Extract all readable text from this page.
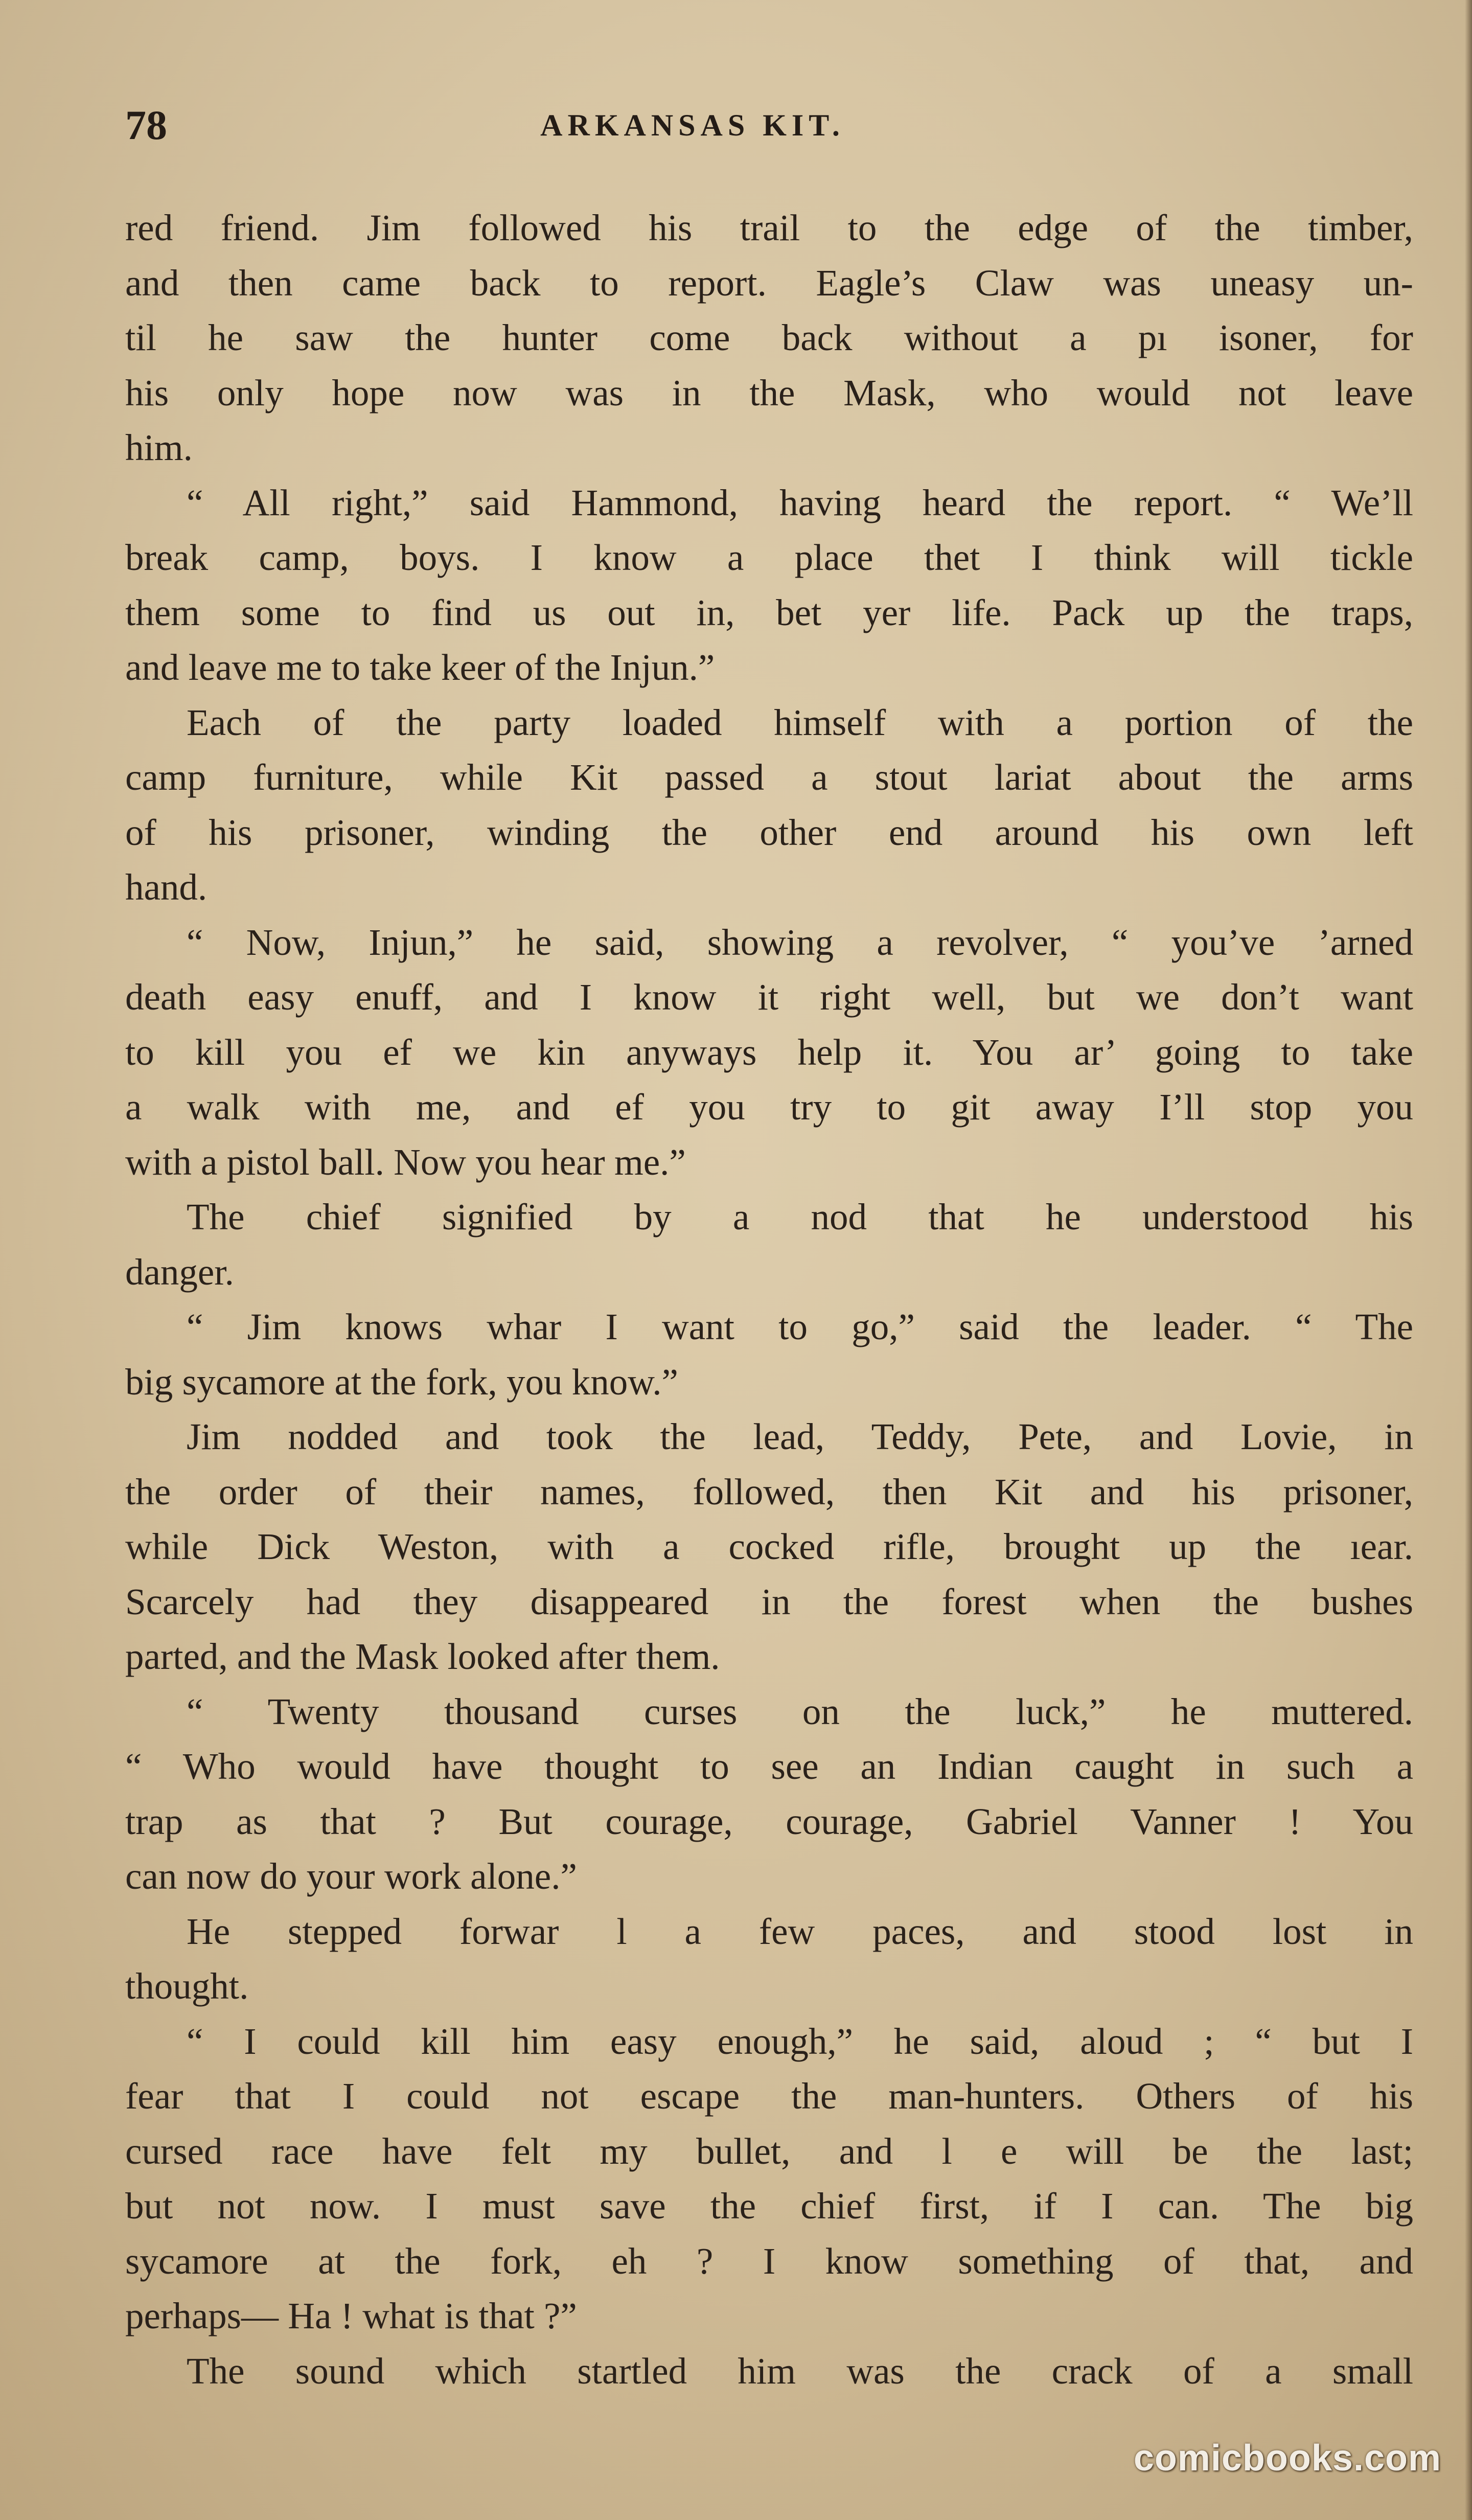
78	ARKANSAS KIT.
red friend. Jim followed his trail to the edge of the timber,
and then came back to report. Eagle’s Claw was uneasy un-
til he saw the hunter come back without a pı isoner, for
his only hope now was in the Mask, who would not leave
him.
“ All right,” said Hammond, having heard the report. “ We’ll
break camp, boys. I know a place thet I think will tickle
them some to find us out in, bet yer life. Pack up the traps,
and leave me to take keer of the Injun.”
Each of the party loaded himself with a portion of the
camp furniture, while Kit passed a stout lariat about the arms
of his prisoner, winding the other end around his own left
hand.
“ Now, Injun,” he said, showing a revolver, “ you’ve ’arned
death easy enuff, and I know it right well, but we don’t want
to kill you ef we kin anyways help it. You ar’ going to take
a walk with me, and ef you try to git away I’ll stop you
with a pistol ball. Now you hear me.”
The chief signified by a nod that he understood his
danger.
“ Jim knows whar I want to go,” said the leader. “ The
big sycamore at the fork, you know.”
Jim nodded and took the lead, Teddy, Pete, and Lovie, in
the order of their names, followed, then Kit and his prisoner,
while Dick Weston, with a cocked rifle, brought up the ıear.
Scarcely had they disappeared in the forest when the bushes
parted, and the Mask looked after them.
“ Twenty thousand curses on the luck,” he muttered.
“ Who would have thought to see an Indian caught in such a
trap as that ? But courage, courage, Gabriel Vanner ! You
can now do your work alone.”
He stepped forwar l a few paces, and stood lost in
thought.
“ I could kill him easy enough,” he said, aloud ; “ but I
fear that I could not escape the man-hunters. Others of his
cursed race have felt my bullet, and l e will be the last;
but not now. I must save the chief first, if I can. The big
sycamore at the fork, eh ? I know something of that, and
perhaps— Ha ! what is that ?”
The sound which startled him was the crack of a small
comicbooks.com
